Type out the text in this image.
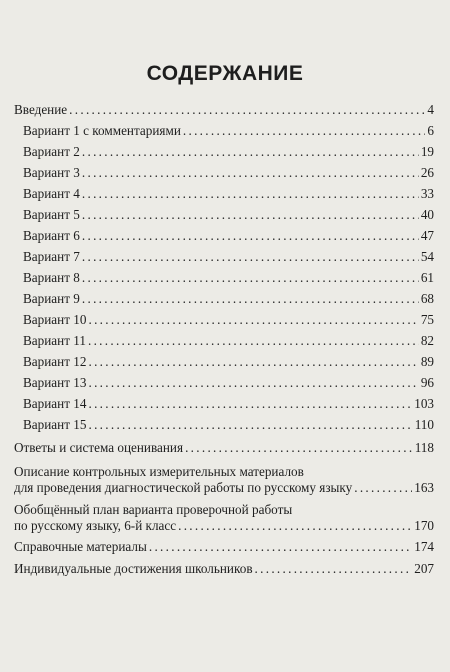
СОДЕРЖАНИЕ
Введение . . .	4
Вариант 1 с комментариями . . .	6
Вариант 2 . . .	19
Вариант 3 . . .	26
Вариант 4 . . .	33
Вариант 5 . . .	40
Вариант 6 . . .	47
Вариант 7 . . .	54
Вариант 8 . . .	61
Вариант 9 . . .	68
Вариант 10 . . .	75
Вариант 11 . . .	82
Вариант 12 . . .	89
Вариант 13 . . .	96
Вариант 14 . . .	103
Вариант 15 . . .	110
Ответы и система оценивания . . .	118
Описание контрольных измерительных материалов
для проведения диагностической работы по русскому языку . . .	163
Обобщённый план варианта проверочной работы
по русскому языку, 6-й класс . . .	170
Справочные материалы . . .	174
Индивидуальные достижения школьников . . .	207
